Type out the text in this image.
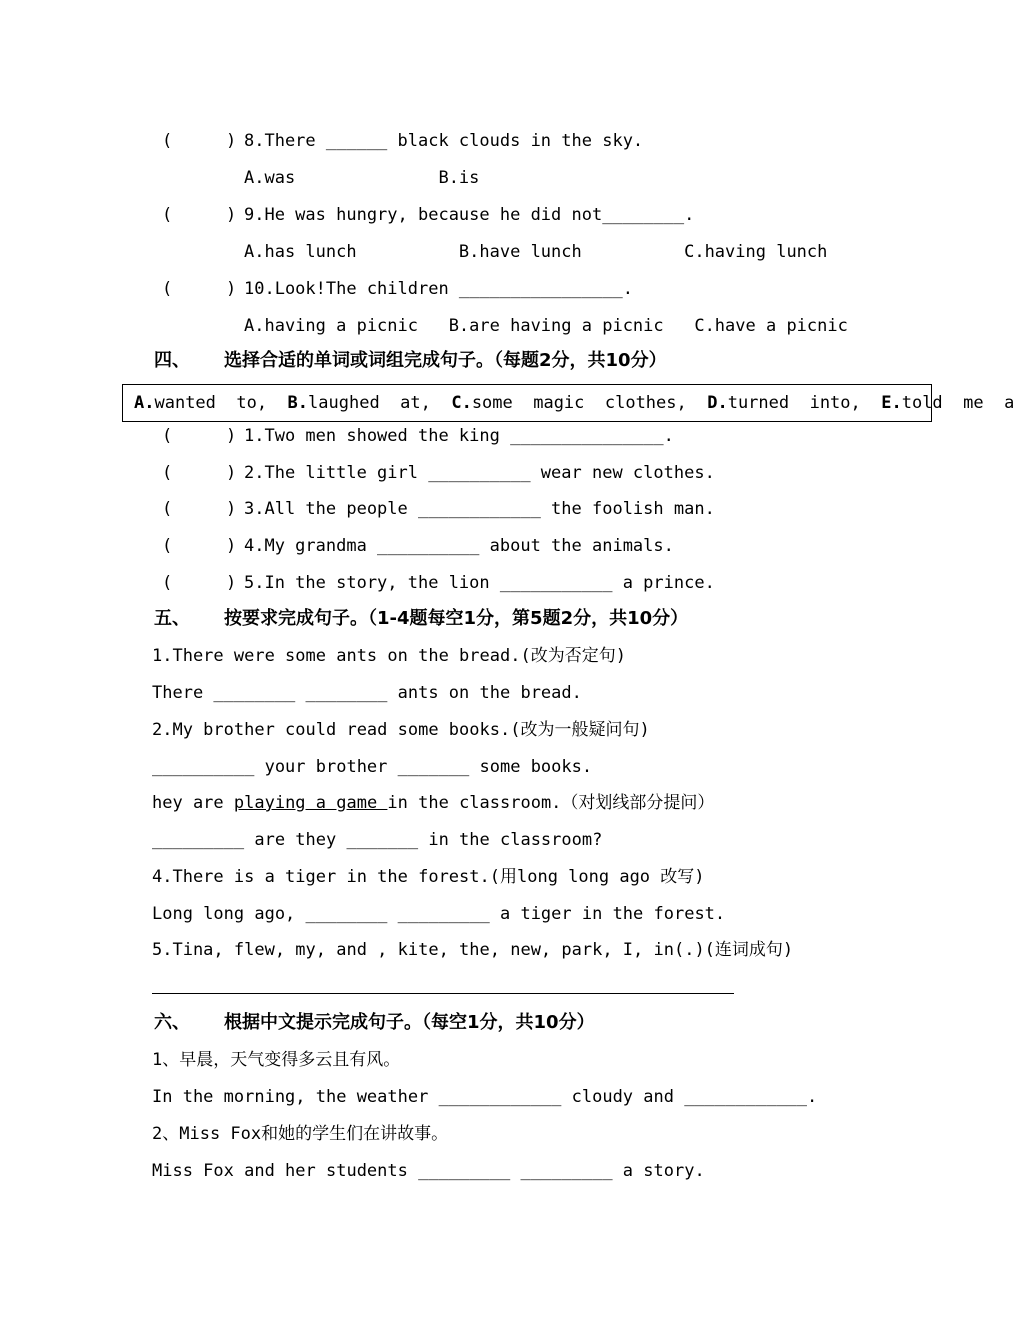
(	) 8.There ______ black clouds in the sky.
A.was              B.is
(	) 9.He was hungry, because he did not________.
A.has lunch          B.have lunch          C.having lunch
(	) 10.Look!The children ________________.
A.having a picnic   B.are having a picnic   C.have a picnic
四、 选择合适的单词或词组完成句子。（每题2分，共10分）
A.wanted  to,  B.laughed  at,  C.some  magic  clothes,  D.turned  into,  E.told  me  a
(	) 1.Two men showed the king _______________.
(	) 2.The little girl __________ wear new clothes.
(	) 3.All the people ____________ the foolish man.
(	) 4.My grandma __________ about the animals.
(	) 5.In the story, the lion ___________ a prince.
五、 按要求完成句子。（1-4题每空1分，第5题2分，共10分）
1.There were some ants on the bread.(改为否定句)
There ________ ________ ants on the bread.
2.My brother could read some books.(改为一般疑问句)
__________ your brother _______ some books.
hey are playing a game in the classroom.（对划线部分提问）
_________ are they _______ in the classroom?
4.There is a tiger in the forest.(用long long ago 改写)
Long long ago, ________ _________ a tiger in the forest.
5.Tina, flew, my, and , kite, the, new, park, I, in(.)(连词成句)
六、 根据中文提示完成句子。（每空1分，共10分）
1、早晨，天气变得多云且有风。
In the morning, the weather ____________ cloudy and ____________.
2、Miss Fox和她的学生们在讲故事。
Miss Fox and her students _________ _________ a story.
